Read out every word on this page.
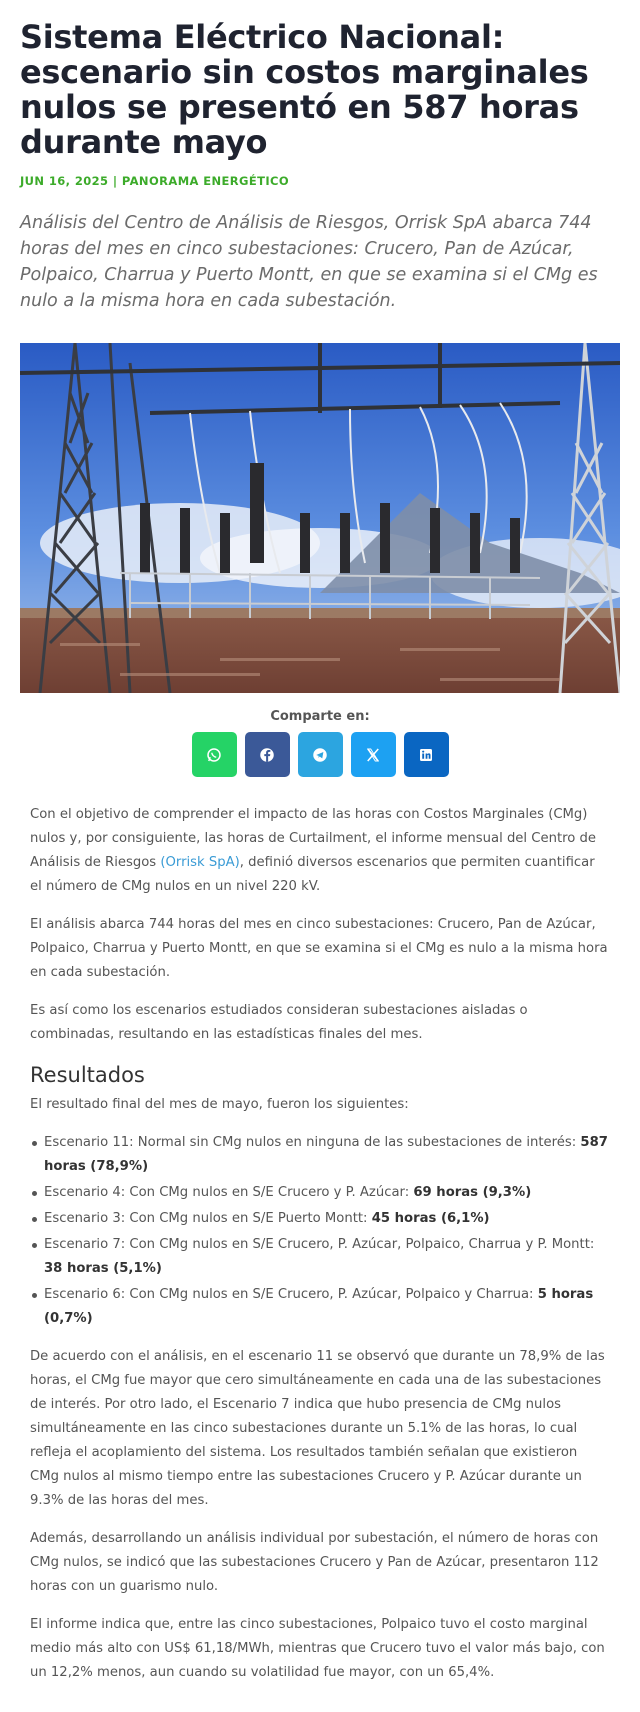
Sistema Eléctrico Nacional: escenario sin costos marginales nulos se presentó en 587 horas durante mayo
JUN 16, 2025 | PANORAMA ENERGÉTICO

Análisis del Centro de Análisis de Riesgos, Orrisk SpA abarca 744 horas del mes en cinco subestaciones: Crucero, Pan de Azúcar, Polpaico, Charrua y Puerto Montt, en que se examina si el CMg es nulo a la misma hora en cada subestación.

Comparte en:

Con el objetivo de comprender el impacto de las horas con Costos Marginales (CMg) nulos y, por consiguiente, las horas de Curtailment, el informe mensual del Centro de Análisis de Riesgos (Orrisk SpA), definió diversos escenarios que permiten cuantificar el número de CMg nulos en un nivel 220 kV.

El análisis abarca 744 horas del mes en cinco subestaciones: Crucero, Pan de Azúcar, Polpaico, Charrua y Puerto Montt, en que se examina si el CMg es nulo a la misma hora en cada subestación.

Es así como los escenarios estudiados consideran subestaciones aisladas o combinadas, resultando en las estadísticas finales del mes.

Resultados

El resultado final del mes de mayo, fueron los siguientes:

Escenario 11: Normal sin CMg nulos en ninguna de las subestaciones de interés: 587 horas (78,9%)
Escenario 4: Con CMg nulos en S/E Crucero y P. Azúcar: 69 horas (9,3%)
Escenario 3: Con CMg nulos en S/E Puerto Montt: 45 horas (6,1%)
Escenario 7: Con CMg nulos en S/E Crucero, P. Azúcar, Polpaico, Charrua y P. Montt: 38 horas (5,1%)
Escenario 6: Con CMg nulos en S/E Crucero, P. Azúcar, Polpaico y Charrua: 5 horas (0,7%)

De acuerdo con el análisis, en el escenario 11 se observó que durante un 78,9% de las horas, el CMg fue mayor que cero simultáneamente en cada una de las subestaciones de interés. Por otro lado, el Escenario 7 indica que hubo presencia de CMg nulos simultáneamente en las cinco subestaciones durante un 5.1% de las horas, lo cual refleja el acoplamiento del sistema. Los resultados también señalan que existieron CMg nulos al mismo tiempo entre las subestaciones Crucero y P. Azúcar durante un 9.3% de las horas del mes.

Además, desarrollando un análisis individual por subestación, el número de horas con CMg nulos, se indicó que las subestaciones Crucero y Pan de Azúcar, presentaron 112 horas con un guarismo nulo.

El informe indica que, entre las cinco subestaciones, Polpaico tuvo el costo marginal medio más alto con US$ 61,18/MWh, mientras que Crucero tuvo el valor más bajo, con un 12,2% menos, aun cuando su volatilidad fue mayor, con un 65,4%.
